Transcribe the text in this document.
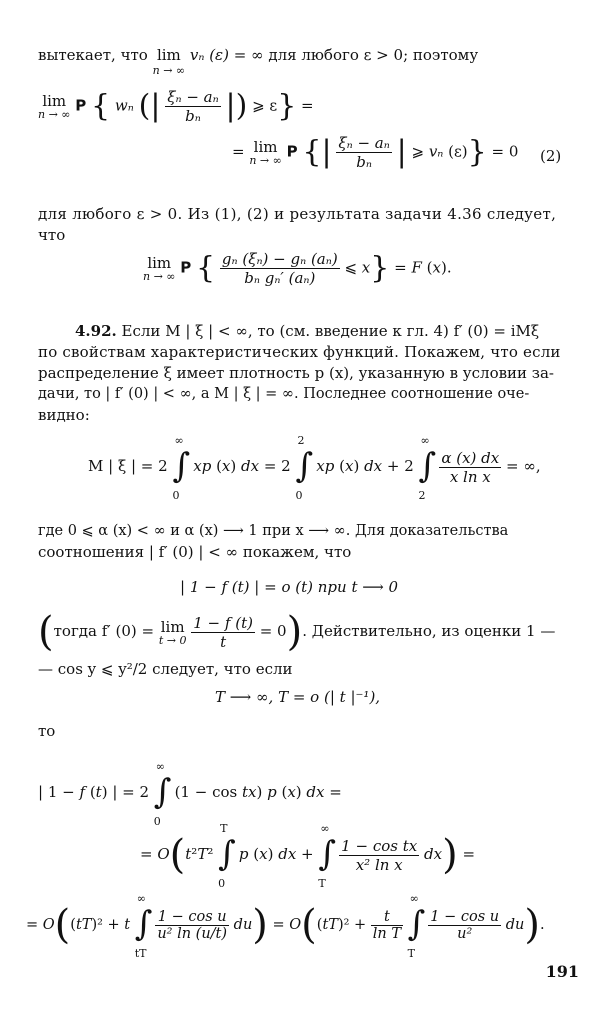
вытекает, что lim
n → ∞
vₙ (ε) = ∞ для любого ε > 0; поэтому
lim
n → ∞ P { wₙ (| $\frac{\text{ξₙ − aₙ}}{\text{bₙ}}$ |) ⩾ ε} =
= lim
n → ∞ P {| $\frac{\text{ξₙ − aₙ}}{\text{bₙ}}$ | ⩾ vₙ (ε)} = 0 (2)
для любого ε > 0. Из (1), (2) и результата задачи 4.36 следует,
что
lim
n → ∞ P { $\frac{\text{gₙ (ξₙ) − gₙ (aₙ)}}{\text{bₙ gₙ′ (aₙ)}}$ ⩽ x} = F (x).
4.92. Если M | ξ | < ∞, то (см. введение к гл. 4) f′ (0) = iMξ
по свойствам характеристических функций. Покажем, что если
распределение ξ имеет плотность p (x), указанную в условии за-
дачи, то | f′ (0) | < ∞, а M | ξ | = ∞. Последнее соотношение оче-
видно:
M | ξ | = 2 ∫
∞
0
xp (x) dx = 2 ∫
2
0
xp (x) dx + 2 ∫
∞
2

$\frac{\alpha (x) dx}{\text{x ln x}}$ = ∞,
где 0 ⩽ α (x) < ∞ и α (x) ⟶ 1 при x ⟶ ∞. Для доказательства
соотношения | f′ (0) | < ∞ покажем, что
| 1 − f (t) | = o (t) при t ⟶ 0
(тогда f′ (0) = lim
t → 0
$\frac{1 - f (t)}{t} = 0$). Действительно, из оценки 1 —
— cos y ⩽ y²/2 следует, что если
T ⟶ ∞, T = o (| t |⁻¹),
то
| 1 − f (t) | = 2 ∫
∞
0
(1 − cos tx) p (x) dx =
= O(t²T² ∫
T
0
p (x) dx + ∫
∞
T

$\frac{\text{1 − cos tx}}{\text{x² ln x}} dx$) =
= O((tT)² + t ∫
∞
tT

$\frac{\text{1 − cos u}}{\text{u² ln (u/t)}} du) = O((tT)^2 + \frac{t}{\text{ln T}}$
∫
∞
T

$\frac{\text{1 − cos u}}{\text{u²}} du$).
191
